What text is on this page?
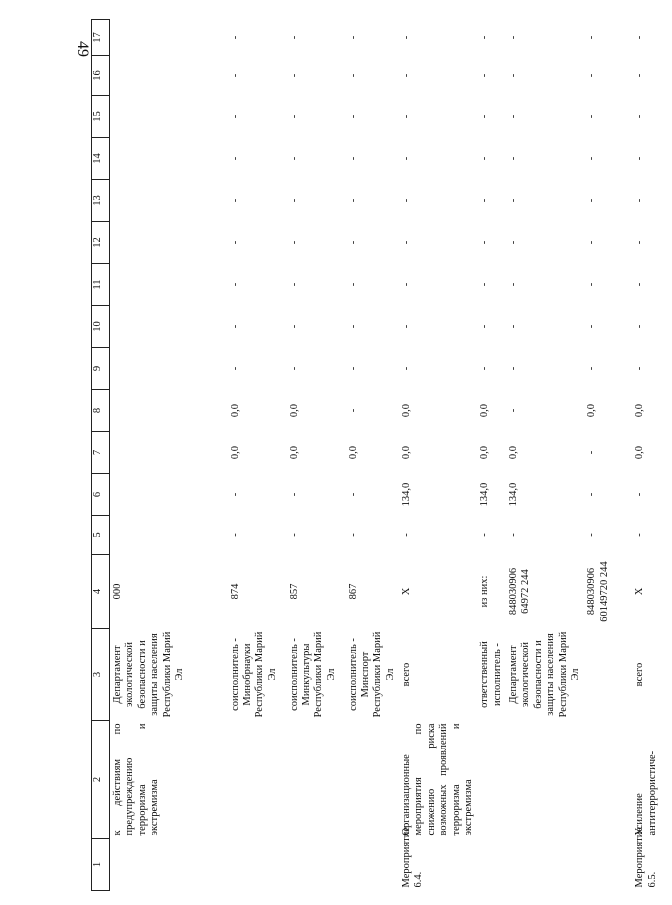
49
1	2	3	4	5	6	7	8	9	10	11	12	13	14	15	16	17
	к действиям по предупреждению терроризма и экстремизма	Департамент экологической безопасности и защиты населения Республики Марий Эл	000													
		соисполнитель - Минобрнауки Республики Марий Эл	874	-	-	0,0	0,0	-	-	-	-	-	-	-	-	-
		соисполнитель - Минкультуры Республики Марий Эл	857	-	-	0,0	0,0	-	-	-	-	-	-	-	-	-
		соисполнитель - Минспорт Республики Марий Эл	867	-	-	0,0	-	-	-	-	-	-	-	-	-	-
Мероприятие 6.4.	Организационные мероприятия по снижению риска возможных проявлений терроризма и экстремизма	всего	X	-	134,0	0,0	0,0	-	-	-	-	-	-	-	-	-
		ответственный исполнитель -	из них:	-	134,0	0,0	0,0	-	-	-	-	-	-	-	-	-
		Департамент экологической безопасности и защиты населения Республики Марий Эл	848030906 64972 244	-	134,0	0,0	-	-	-	-	-	-	-	-	-	-
			848030906 60149720 244	-	-	-	0,0	-	-	-	-	-	-	-	-	-
Мероприятие 6.5.	Усиление антитеррористиче-	всего	X	-	-	0,0	0,0	-	-	-	-	-	-	-	-	-
